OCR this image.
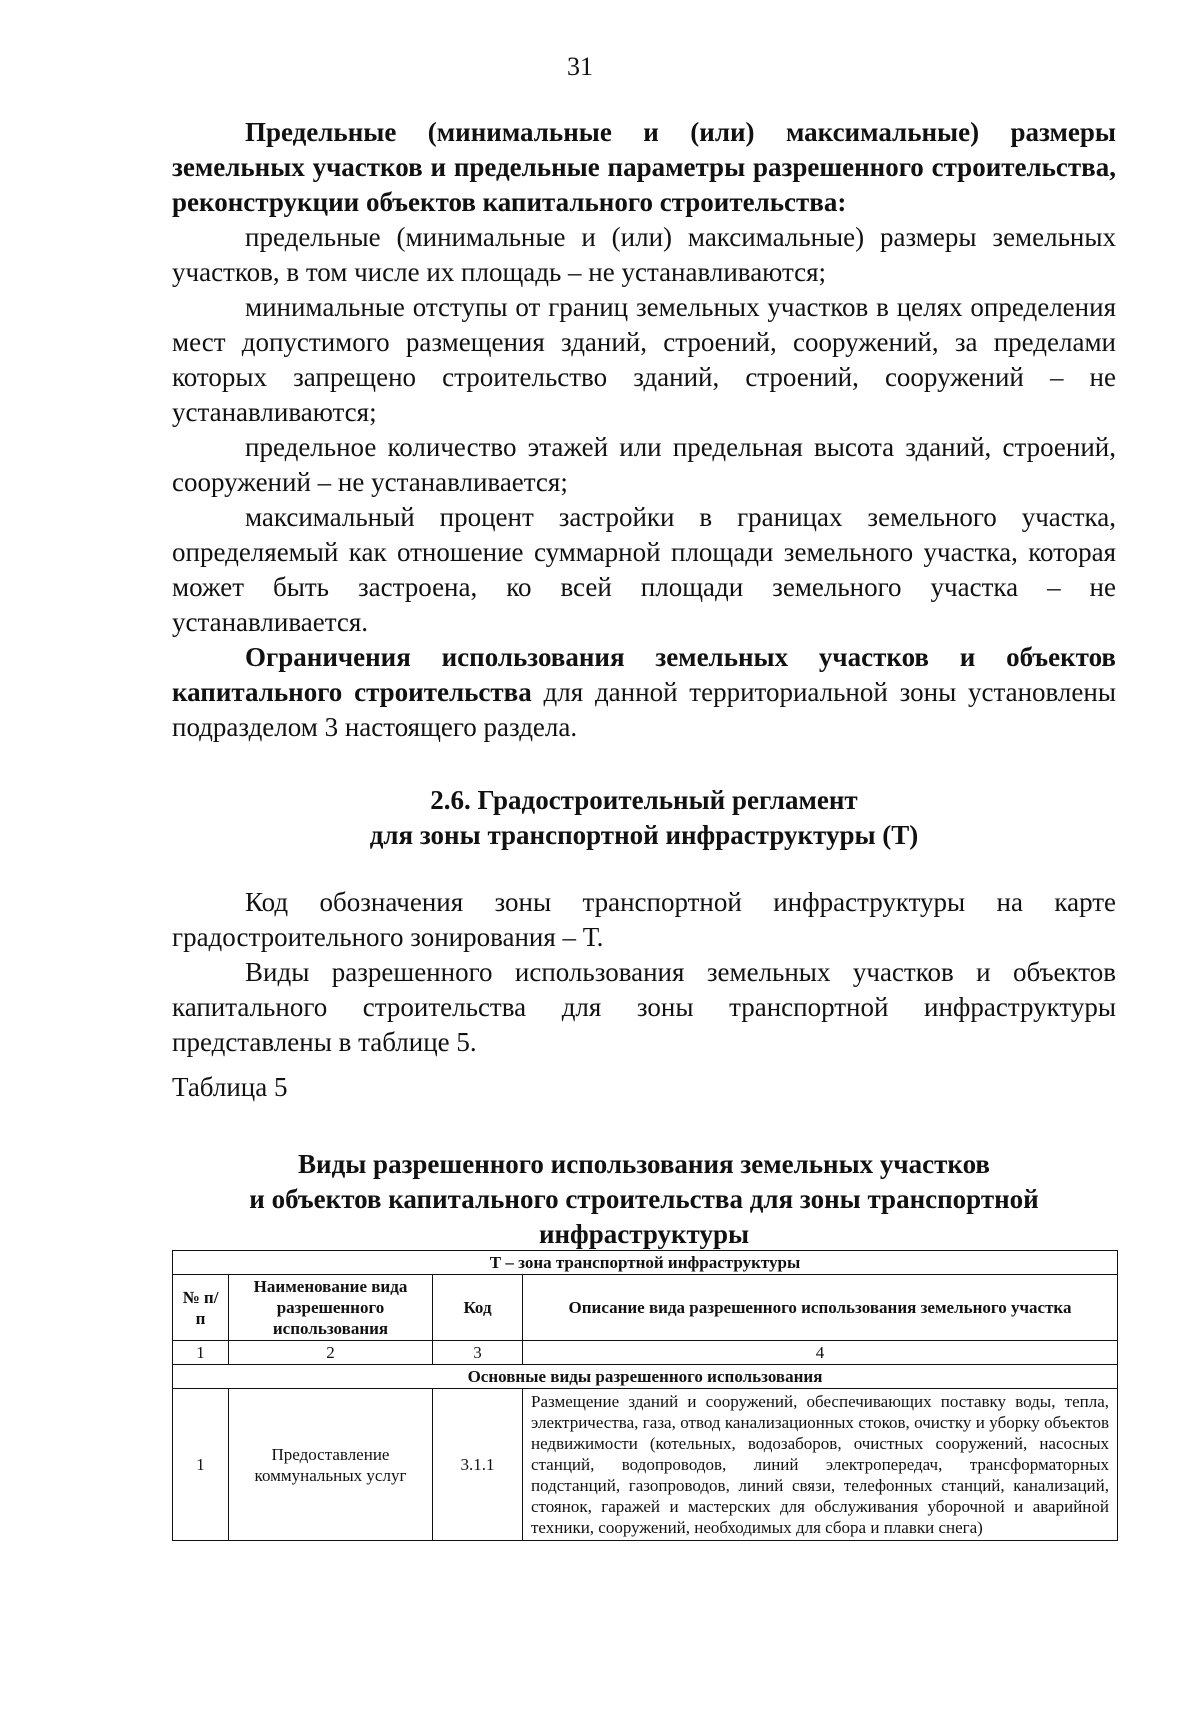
31

Предельные (минимальные и (или) максимальные) размеры земельных участков и предельные параметры разрешенного строительства, реконструкции объектов капитального строительства:

предельные (минимальные и (или) максимальные) размеры земельных участков, в том числе их площадь – не устанавливаются;

минимальные отступы от границ земельных участков в целях определения мест допустимого размещения зданий, строений, сооружений, за пределами которых запрещено строительство зданий, строений, сооружений – не устанавливаются;

предельное количество этажей или предельная высота зданий, строений, сооружений – не устанавливается;

максимальный процент застройки в границах земельного участка, определяемый как отношение суммарной площади земельного участка, которая может быть застроена, ко всей площади земельного участка – не устанавливается.

Ограничения использования земельных участков и объектов капитального строительства для данной территориальной зоны установлены подразделом 3 настоящего раздела.

2.6. Градостроительный регламент
для зоны транспортной инфраструктуры (Т)

Код обозначения зоны транспортной инфраструктуры на карте градостроительного зонирования – Т.

Виды разрешенного использования земельных участков и объектов капитального строительства для зоны транспортной инфраструктуры представлены в таблице 5.

Таблица 5

Виды разрешенного использования земельных участков
и объектов капитального строительства для зоны транспортной
инфраструктуры
Т – зона транспортной инфраструктуры			
№ п/п	Наименование вида разрешенного использования	Код	Описание вида разрешенного использования земельного участка
1	2	3	4
Основные виды разрешенного использования			
1	Предоставление коммунальных услуг	3.1.1	Размещение зданий и сооружений, обеспечивающих поставку воды, тепла, электричества, газа, отвод канализационных стоков, очистку и уборку объектов недвижимости (котельных, водозаборов, очистных сооружений, насосных станций, водопроводов, линий электропередач, трансформаторных подстанций, газопроводов, линий связи, телефонных станций, канализаций, стоянок, гаражей и мастерских для обслуживания уборочной и аварийной техники, сооружений, необходимых для сбора и плавки снега)
